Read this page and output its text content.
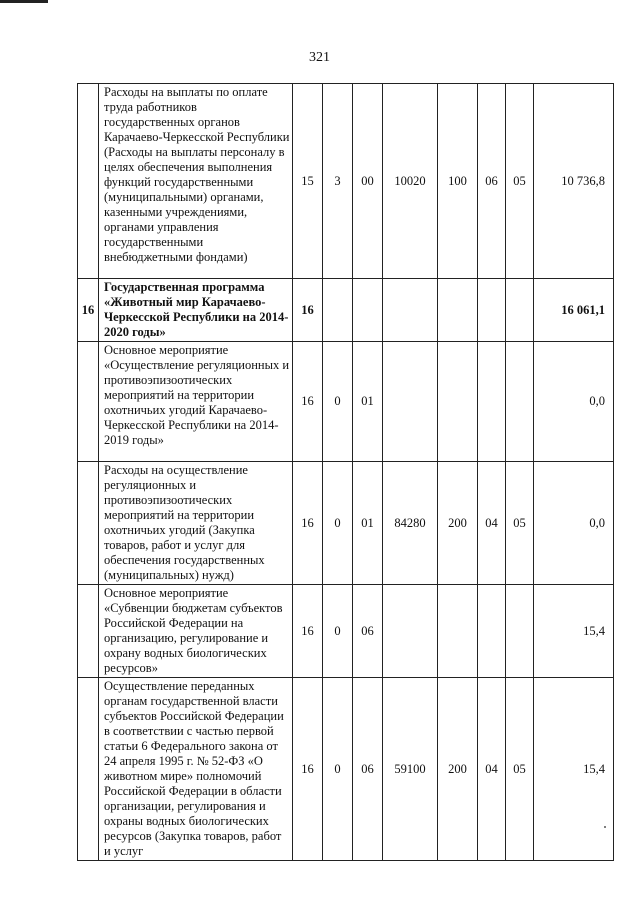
321
	Расходы на выплаты по оплате труда работников государственных органов Карачаево-Черкесской Республики (Расходы на выплаты персоналу в целях обеспечения выполнения функций государственными (муниципальными) органами, казенными учреждениями, органами управления государственными внебюджетными фондами)	15	3	00	10020	100	06	05	10 736,8
16	Государственная программа «Животный мир Карачаево-Черкесской Республики на 2014-2020 годы»	16							16 061,1
	Основное мероприятие «Осуществление регуляционных и противоэпизоотических мероприятий на территории охотничьих угодий Карачаево-Черкесской Республики на 2014-2019 годы»	16	0	01					0,0
	Расходы на осуществление регуляционных и противоэпизоотических мероприятий на территории охотничьих угодий (Закупка товаров, работ и услуг для обеспечения государственных (муниципальных) нужд)	16	0	01	84280	200	04	05	0,0
	Основное мероприятие «Субвенции бюджетам субъектов Российской Федерации на организацию, регулирование и охрану водных биологических ресурсов»	16	0	06					15,4
	Осуществление переданных органам государственной власти субъектов Российской Федерации в соответствии с частью первой статьи 6 Федерального закона от 24 апреля 1995 г. № 52-ФЗ «О животном мире» полномочий Российской Федерации в области организации, регулирования и охраны водных биологических ресурсов (Закупка товаров, работ и услуг	16	0	06	59100	200	04	05	15,4
